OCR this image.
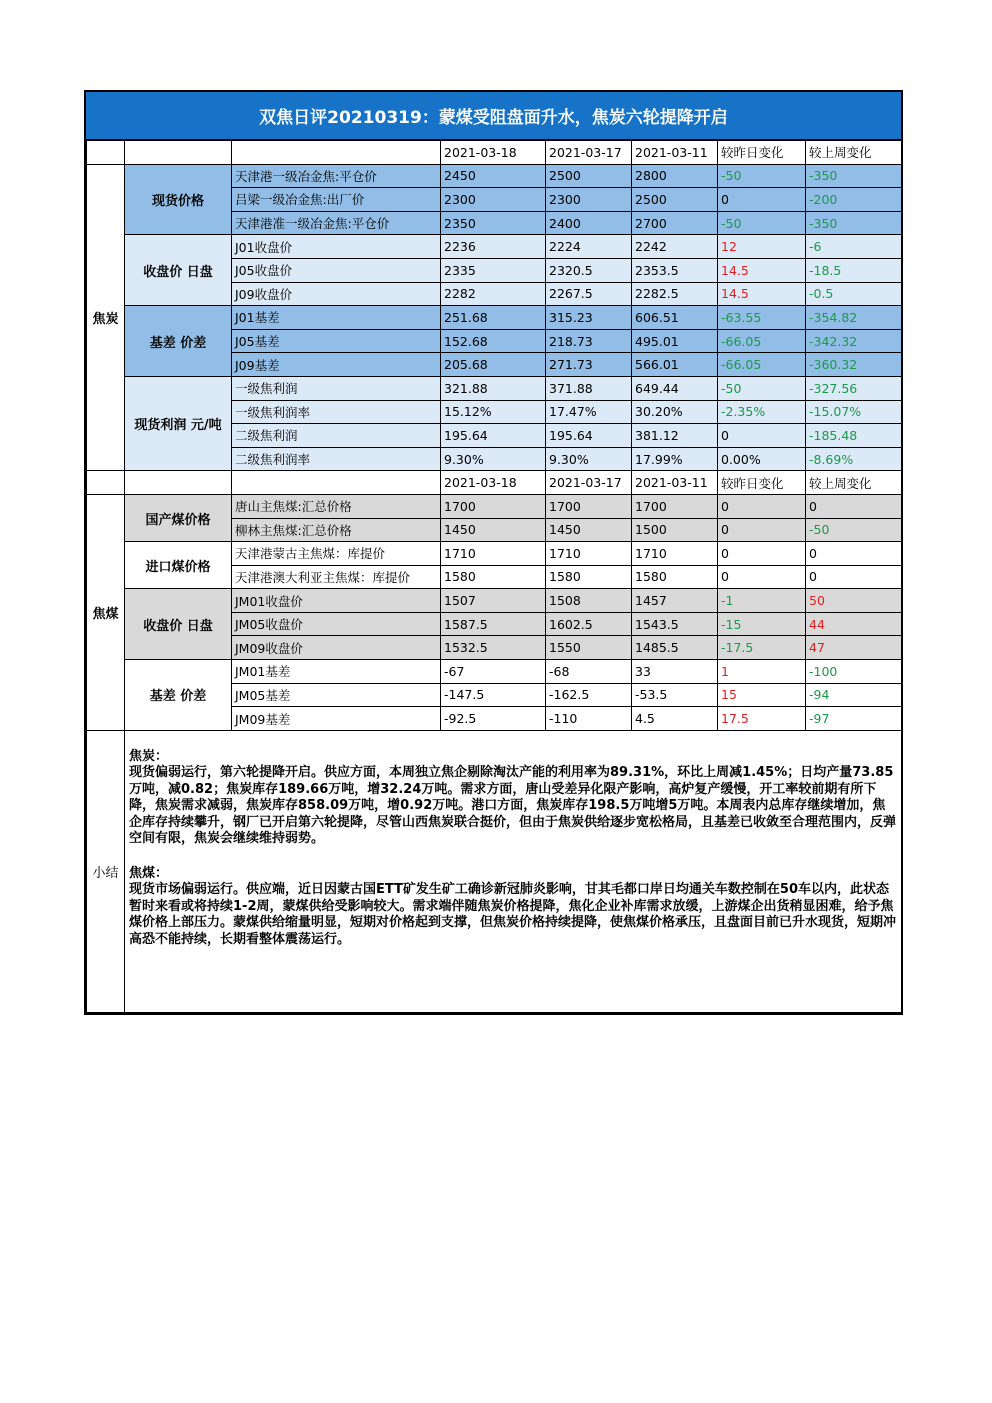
双焦日评20210319：蒙煤受阻盘面升水，焦炭六轮提降开启
			2021-03-18	2021-03-17	2021-03-11	较昨日变化	较上周变化
焦炭	现货价格	天津港一级冶金焦:平仓价	2450	2500	2800	-50	-350
		吕梁一级冶金焦:出厂价	2300	2300	2500	0	-200
		天津港准一级冶金焦:平仓价	2350	2400	2700	-50	-350
	收盘价 日盘	J01收盘价	2236	2224	2242	12	-6
		J05收盘价	2335	2320.5	2353.5	14.5	-18.5
		J09收盘价	2282	2267.5	2282.5	14.5	-0.5
	基差 价差	J01基差	251.68	315.23	606.51	-63.55	-354.82
		J05基差	152.68	218.73	495.01	-66.05	-342.32
		J09基差	205.68	271.73	566.01	-66.05	-360.32
	现货利润 元/吨	一级焦利润	321.88	371.88	649.44	-50	-327.56
		一级焦利润率	15.12%	17.47%	30.20%	-2.35%	-15.07%
		二级焦利润	195.64	195.64	381.12	0	-185.48
		二级焦利润率	9.30%	9.30%	17.99%	0.00%	-8.69%
			2021-03-18	2021-03-17	2021-03-11	较昨日变化	较上周变化
焦煤	国产煤价格	唐山主焦煤:汇总价格	1700	1700	1700	0	0
		柳林主焦煤:汇总价格	1450	1450	1500	0	-50
	进口煤价格	天津港蒙古主焦煤：库提价	1710	1710	1710	0	0
		天津港澳大利亚主焦煤：库提价	1580	1580	1580	0	0
	收盘价 日盘	JM01收盘价	1507	1508	1457	-1	50
		JM05收盘价	1587.5	1602.5	1543.5	-15	44
		JM09收盘价	1532.5	1550	1485.5	-17.5	47
	基差 价差	JM01基差	-67	-68	33	1	-100
		JM05基差	-147.5	-162.5	-53.5	15	-94
		JM09基差	-92.5	-110	4.5	17.5	-97
小结	焦炭：

现货偏弱运行，第六轮提降开启。供应方面，本周独立焦企剔除淘汰产能的利用率为89.31%，环比上周减1.45%；日均产量73.85万吨，减0.82；焦炭库存189.66万吨，增32.24万吨。需求方面，唐山受差异化限产影响，高炉复产缓慢，开工率较前期有所下降，焦炭需求减弱，焦炭库存858.09万吨，增0.92万吨。港口方面，焦炭库存198.5万吨增5万吨。本周表内总库存继续增加，焦企库存持续攀升，钢厂已开启第六轮提降，尽管山西焦炭联合挺价，但由于焦炭供给逐步宽松格局，且基差已收敛至合理范围内，反弹空间有限，焦炭会继续维持弱势。

焦煤：

现货市场偏弱运行。供应端，近日因蒙古国ETT矿发生矿工确诊新冠肺炎影响，甘其毛都口岸日均通关车数控制在50车以内，此状态暂时来看或将持续1-2周，蒙煤供给受影响较大。需求端伴随焦炭价格提降，焦化企业补库需求放缓，上游煤企出货稍显困难，给予焦煤价格上部压力。蒙煤供给缩量明显，短期对价格起到支撑，但焦炭价格持续提降，使焦煤价格承压，且盘面目前已升水现货，短期冲高恐不能持续，长期看整体震荡运行。						
